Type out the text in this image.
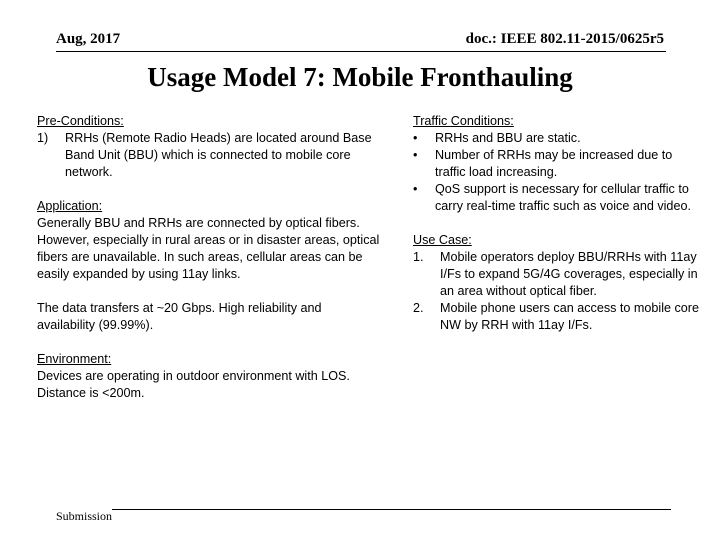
Aug, 2017	doc.: IEEE 802.11-2015/0625r5
Usage Model 7: Mobile Fronthauling
Pre-Conditions:
1)	RRHs (Remote Radio Heads) are located around Base Band Unit (BBU) which is connected to mobile core network.
Application:
Generally BBU and RRHs are connected by optical fibers. However, especially in rural areas or in disaster areas, optical fibers are unavailable. In such areas, cellular areas can be easily expanded by using 11ay links.
The data transfers at ~20 Gbps. High reliability and availability (99.99%).
Environment:
Devices are operating in outdoor environment with LOS. Distance is <200m.
Traffic Conditions:
•	RRHs and BBU are static.
•	Number of RRHs may be increased due to traffic load increasing.
•	QoS support is necessary for cellular traffic to carry real-time traffic such as voice and video.
Use Case:
1.	Mobile operators deploy BBU/RRHs with 11ay I/Fs to expand 5G/4G coverages, especially in an area without optical fiber.
2.	Mobile phone users can access to mobile core NW by RRH with 11ay I/Fs.
Submission
